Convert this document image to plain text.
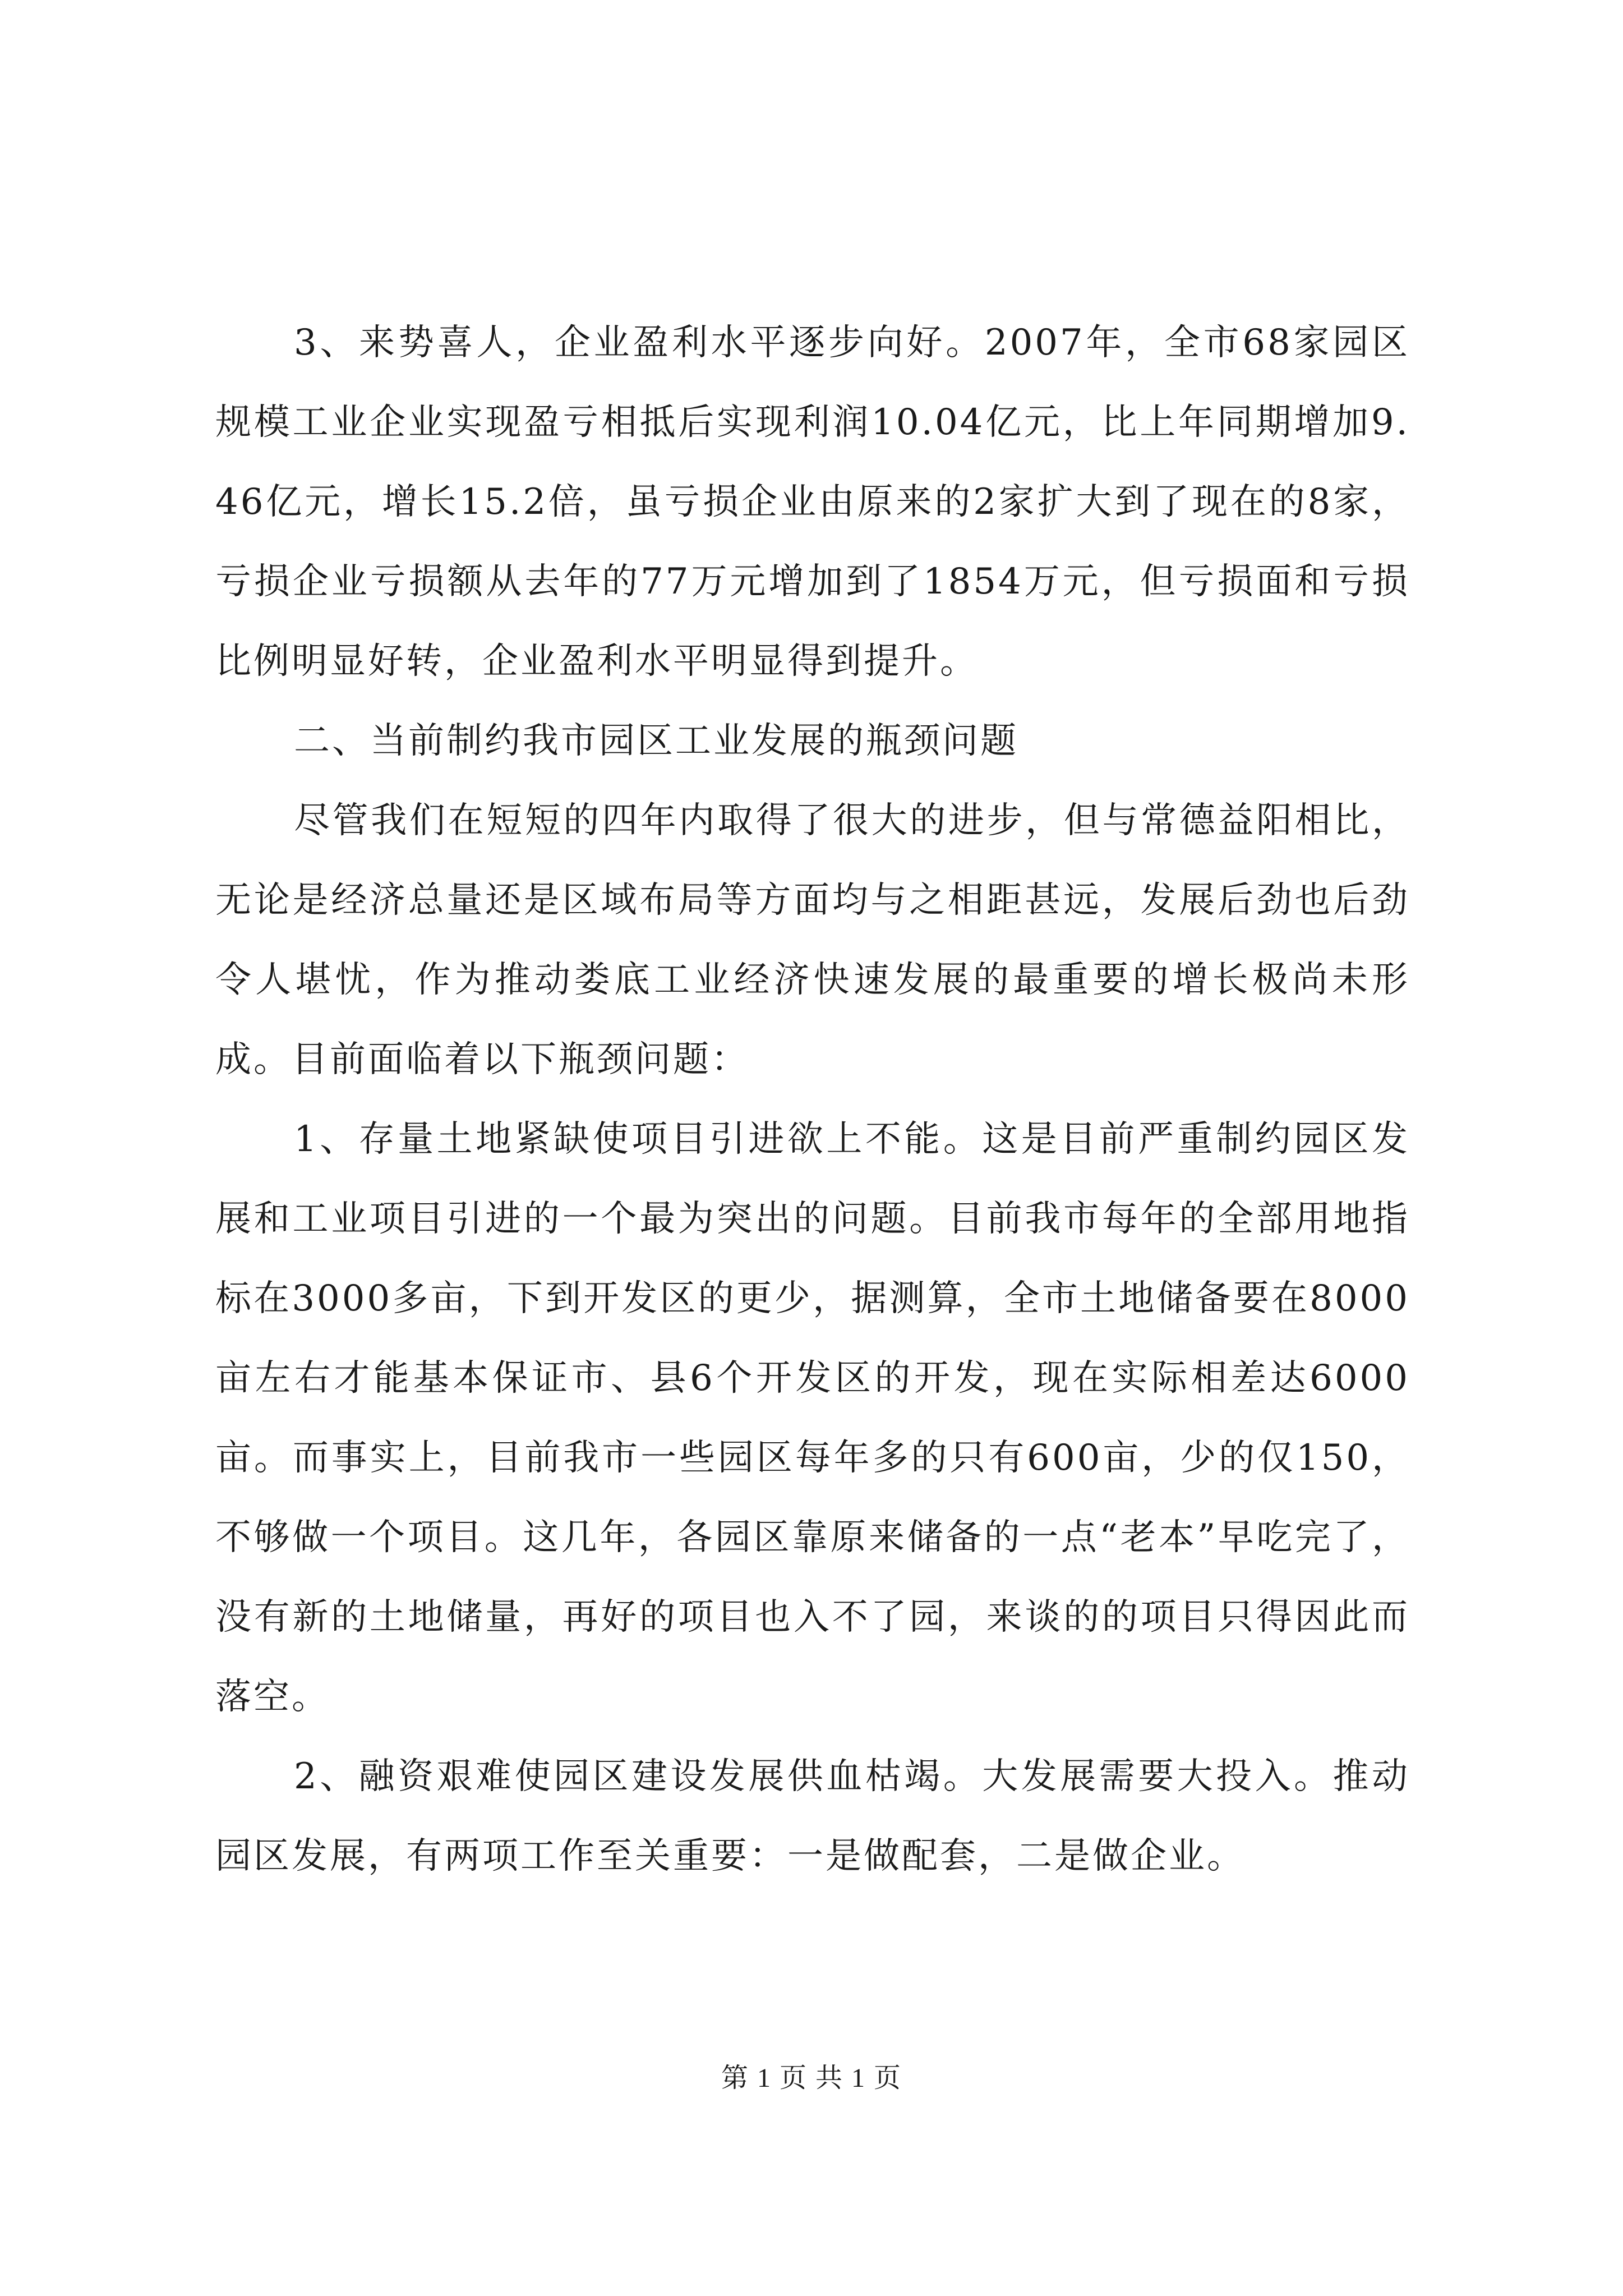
3、来势喜人，企业盈利水平逐步向好。2007年，全市68家园区规模工业企业实现盈亏相抵后实现利润10.04亿元，比上年同期增加9.46亿元，增长15.2倍，虽亏损企业由原来的2家扩大到了现在的8家，亏损企业亏损额从去年的77万元增加到了1854万元，但亏损面和亏损比例明显好转，企业盈利水平明显得到提升。

二、当前制约我市园区工业发展的瓶颈问题

尽管我们在短短的四年内取得了很大的进步，但与常德益阳相比，无论是经济总量还是区域布局等方面均与之相距甚远，发展后劲也后劲令人堪忧，作为推动娄底工业经济快速发展的最重要的增长极尚未形成。目前面临着以下瓶颈问题：

1、存量土地紧缺使项目引进欲上不能。这是目前严重制约园区发展和工业项目引进的一个最为突出的问题。目前我市每年的全部用地指标在3000多亩，下到开发区的更少，据测算，全市土地储备要在8000亩左右才能基本保证市、县6个开发区的开发，现在实际相差达6000亩。而事实上，目前我市一些园区每年多的只有600亩，少的仅150，不够做一个项目。这几年，各园区靠原来储备的一点“老本”早吃完了，没有新的土地储量，再好的项目也入不了园，来谈的的项目只得因此而落空。

2、融资艰难使园区建设发展供血枯竭。大发展需要大投入。推动园区发展，有两项工作至关重要：一是做配套，二是做企业。

第 1 页 共 1 页
